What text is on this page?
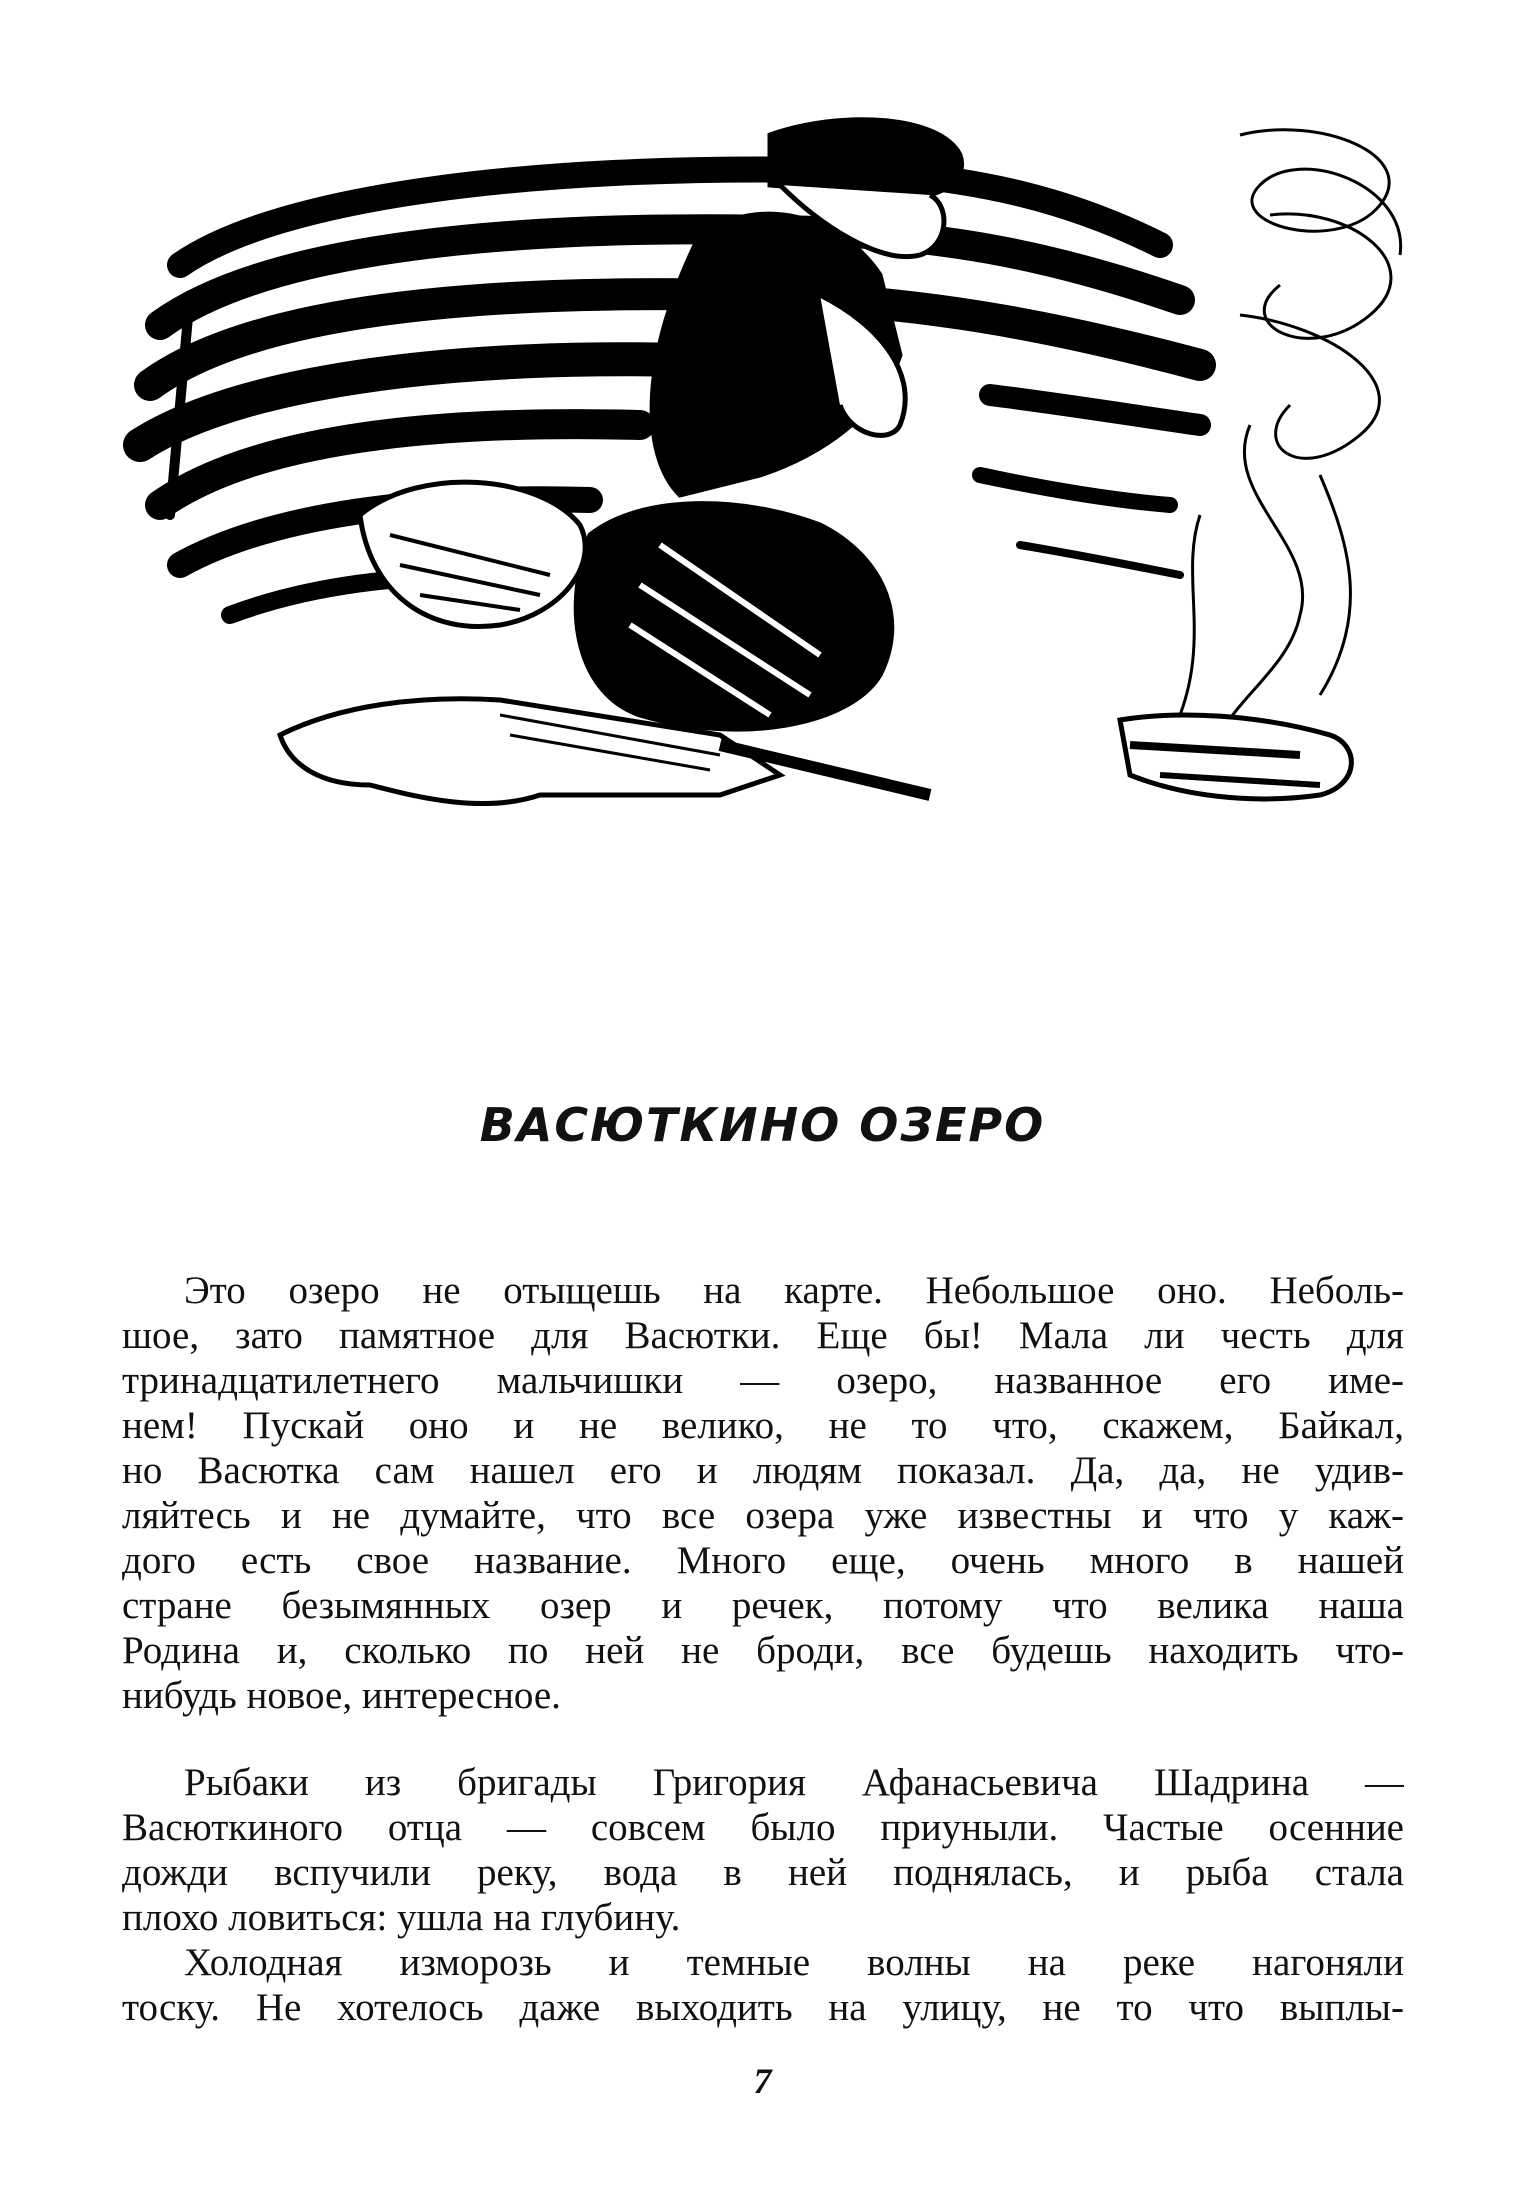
ВАСЮТКИНО ОЗЕРО
Это озеро не отыщешь на карте. Небольшое оно. Неболь-
шое, зато памятное для Васютки. Еще бы! Мала ли честь для
тринадцатилетнего мальчишки — озеро, названное его име-
нем! Пускай оно и не велико, не то что, скажем, Байкал,
но Васютка сам нашел его и людям показал. Да, да, не удив-
ляйтесь и не думайте, что все озера уже известны и что у каж-
дого есть свое название. Много еще, очень много в нашей
стране безымянных озер и речек, потому что велика наша
Родина и, сколько по ней не броди, все будешь находить что-
нибудь новое, интересное.
Рыбаки из бригады Григория Афанасьевича Шадрина —
Васюткиного отца — совсем было приуныли. Частые осенние
дожди вспучили реку, вода в ней поднялась, и рыба стала
плохо ловиться: ушла на глубину.
Холодная изморозь и темные волны на реке нагоняли
тоску. Не хотелось даже выходить на улицу, не то что выплы-
7
